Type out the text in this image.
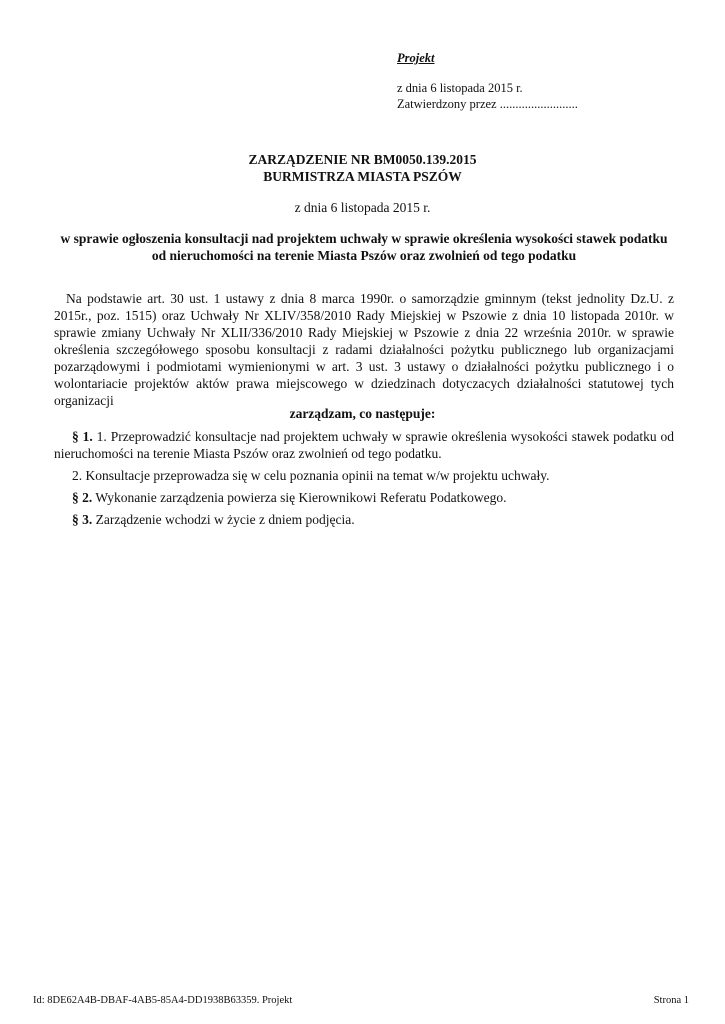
Projekt
z dnia 6 listopada 2015 r.
Zatwierdzony przez .........................
ZARZĄDZENIE NR BM0050.139.2015
BURMISTRZA MIASTA PSZÓW
z dnia 6 listopada 2015 r.
w sprawie ogłoszenia konsultacji nad projektem uchwały w sprawie określenia wysokości stawek podatku od nieruchomości na terenie Miasta Pszów oraz zwolnień od tego podatku
Na podstawie art. 30 ust. 1 ustawy z dnia 8 marca 1990r. o samorządzie gminnym (tekst jednolity Dz.U. z 2015r., poz. 1515) oraz Uchwały Nr XLIV/358/2010 Rady Miejskiej w Pszowie z dnia 10 listopada 2010r. w sprawie zmiany Uchwały Nr XLII/336/2010 Rady Miejskiej w Pszowie z dnia 22 września 2010r. w sprawie określenia szczegółowego sposobu konsultacji z radami działalności pożytku publicznego lub organizacjami pozarządowymi i podmiotami wymienionymi w art. 3 ust. 3 ustawy o działalności pożytku publicznego i o wolontariacie projektów aktów prawa miejscowego w dziedzinach dotyczacych działalności statutowej tych organizacji
zarządzam, co następuje:
§ 1. 1. Przeprowadzić konsultacje nad projektem uchwały w sprawie określenia wysokości stawek podatku od nieruchomości na terenie Miasta Pszów oraz zwolnień od tego podatku.
2. Konsultacje przeprowadza się w celu poznania opinii na temat w/w projektu uchwały.
§ 2. Wykonanie zarządzenia powierza się Kierownikowi Referatu Podatkowego.
§ 3. Zarządzenie wchodzi w życie z dniem podjęcia.
Id: 8DE62A4B-DBAF-4AB5-85A4-DD1938B63359. Projekt	Strona 1
